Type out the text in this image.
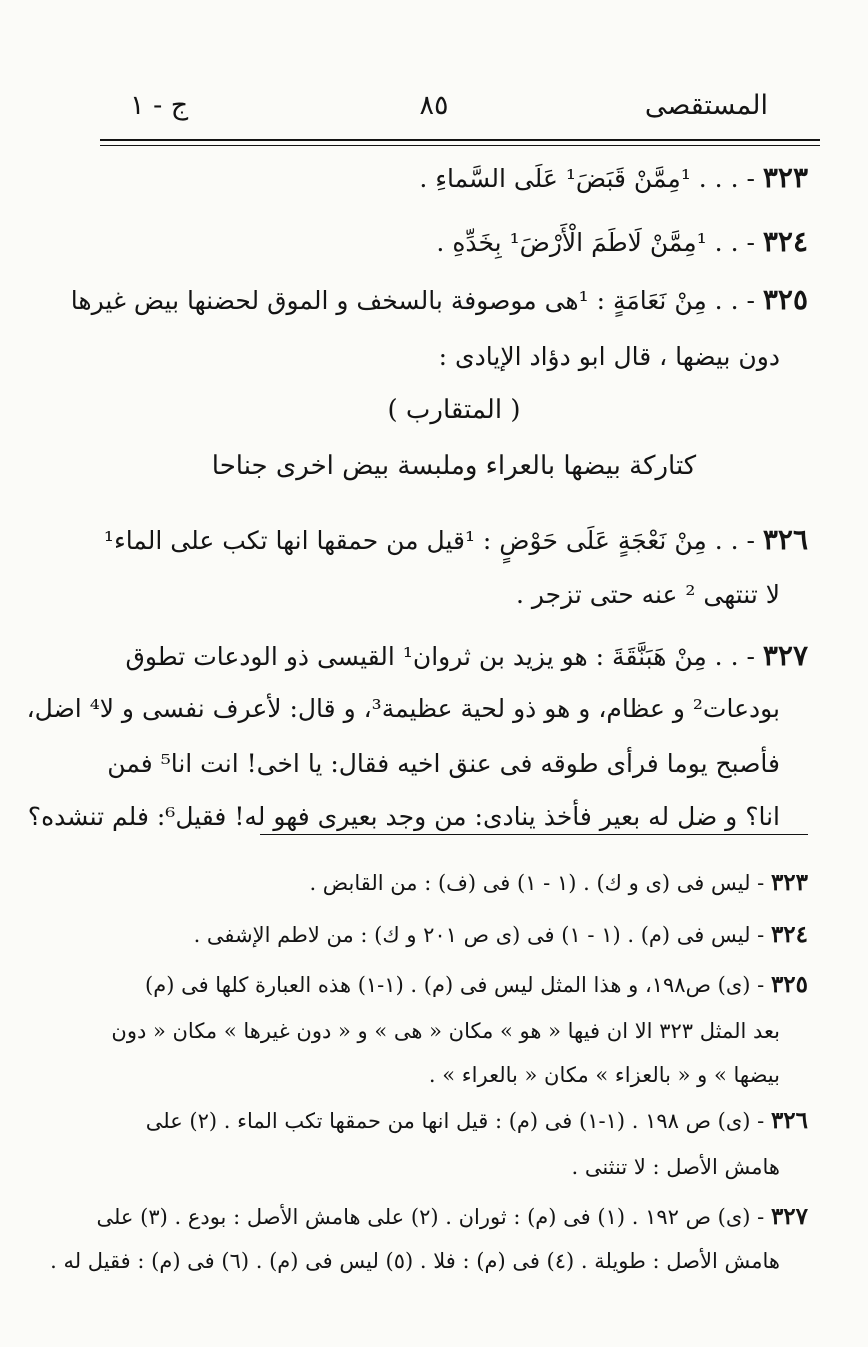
المستقصى
٨٥
ج - ١
٣٢٣ - . . . ¹مِمَّنْ قَبَضَ¹ عَلَى السَّماءِ .
٣٢٤ - . . ¹مِمَّنْ لَاطَمَ الْأَرْضَ¹ بِخَدِّهِ .
٣٢٥ - . . مِنْ نَعَامَةٍ : ¹هى موصوفة بالسخف و الموق لحضنها بيض غيرها
دون بيضها ، قال ابو دؤاد الإيادى :
( المتقارب )
كتاركة بيضها بالعراء وملبسة بيض اخرى جناحا
٣٢٦ - . . مِنْ نَعْجَةٍ عَلَى حَوْضٍ : ¹قيل من حمقها انها تكب على الماء¹
لا تنتهى ² عنه حتى تزجر .
٣٢٧ - . . مِنْ هَبَنَّقَةَ : هو يزيد بن ثروان¹ القيسى ذو الودعات تطوق
بودعات² و عظام، و هو ذو لحية عظيمة³، و قال: لأعرف نفسى و لا⁴ اضل،
فأصبح يوما فرأى طوقه فى عنق اخيه فقال: يا اخى! انت انا⁵ فمن
انا؟ و ضل له بعير فأخذ ينادى: من وجد بعيرى فهو له! فقيل⁶: فلم تنشده؟
٣٢٣ - ليس فى (ى و ك) . (١ - ١) فى (ف) : من القابض .
٣٢٤ - ليس فى (م) . (١ - ١) فى (ى ص ٢٠١ و ك) : من لاطم الإشفى .
٣٢٥ - (ى) ص١٩٨، و هذا المثل ليس فى (م) . (١-١) هذه العبارة كلها فى (م)
بعد المثل ٣٢٣ الا ان فيها « هو » مكان « هى » و « دون غيرها » مكان « دون
بيضها » و « بالعزاء » مكان « بالعراء » .
٣٢٦ - (ى) ص ١٩٨ . (١-١) فى (م) : قيل انها من حمقها تكب الماء . (٢) على
هامش الأصل : لا تنثنى .
٣٢٧ - (ى) ص ١٩٢ . (١) فى (م) : ثوران . (٢) على هامش الأصل : بودع . (٣) على
هامش الأصل : طويلة . (٤) فى (م) : فلا . (٥) ليس فى (م) . (٦) فى (م) : فقيل له .
